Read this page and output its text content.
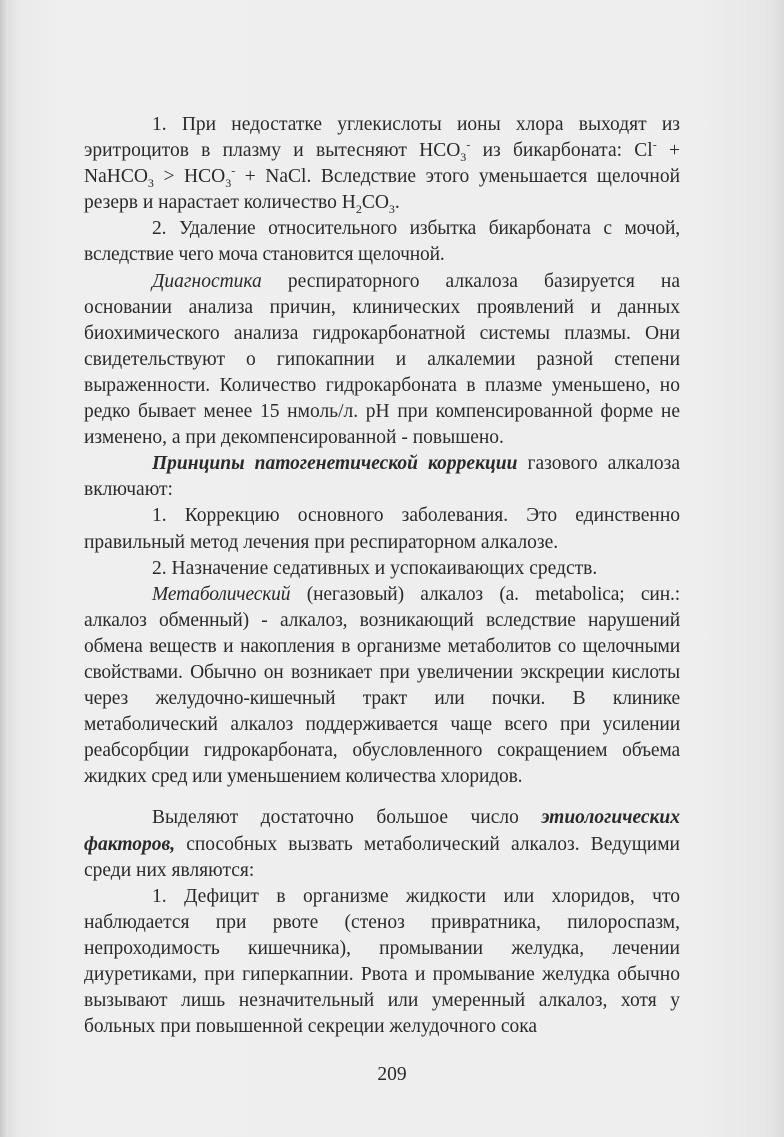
1. При недостатке углекислоты ионы хлора выходят из эритроцитов в плазму и вытесняют $HCO_3^-$ из бикарбоната: Cl- + NaHCO$_3$ > $HCO_3^-$ + NaCl. Вследствие этого уменьшается щелочной резерв и нарастает количество $H_2CO_3$.

2. Удаление относительного избытка бикарбоната с мочой, вследствие чего моча становится щелочной.

Диагностика респираторного алкалоза базируется на основании анализа причин, клинических проявлений и данных биохимического анализа гидрокарбонатной системы плазмы. Они свидетельствуют о гипокапнии и алкалемии разной степени выраженности. Количество гидрокарбоната в плазме уменьшено, но редко бывает менее 15 нмоль/л. pH при компенсированной форме не изменено, а при декомпенсированной - повышено.

Принципы патогенетической коррекции газового алкалоза включают:

1. Коррекцию основного заболевания. Это единственно правильный метод лечения при респираторном алкалозе.

2. Назначение седативных и успокаивающих средств.

Метаболический (негазовый) алкалоз (а. metabolica; син.: алкалоз обменный) - алкалоз, возникающий вследствие нарушений обмена веществ и накопления в организме метаболитов со щелочными свойствами. Обычно он возникает при увеличении экскреции кислоты через желудочно-кишечный тракт или почки. В клинике метаболический алкалоз поддерживается чаще всего при усилении реабсорбции гидрокарбоната, обусловленного сокращением объема жидких сред или уменьшением количества хлоридов.

Выделяют достаточно большое число этиологических факторов, способных вызвать метаболический алкалоз. Ведущими среди них являются:

1. Дефицит в организме жидкости или хлоридов, что наблюдается при рвоте (стеноз привратника, пилороспазм, непроходимость кишечника), промывании желудка, лечении диуретиками, при гиперкапнии. Рвота и промывание желудка обычно вызывают лишь незначительный или умеренный алкалоз, хотя у больных при повышенной секреции желудочного сока

209
